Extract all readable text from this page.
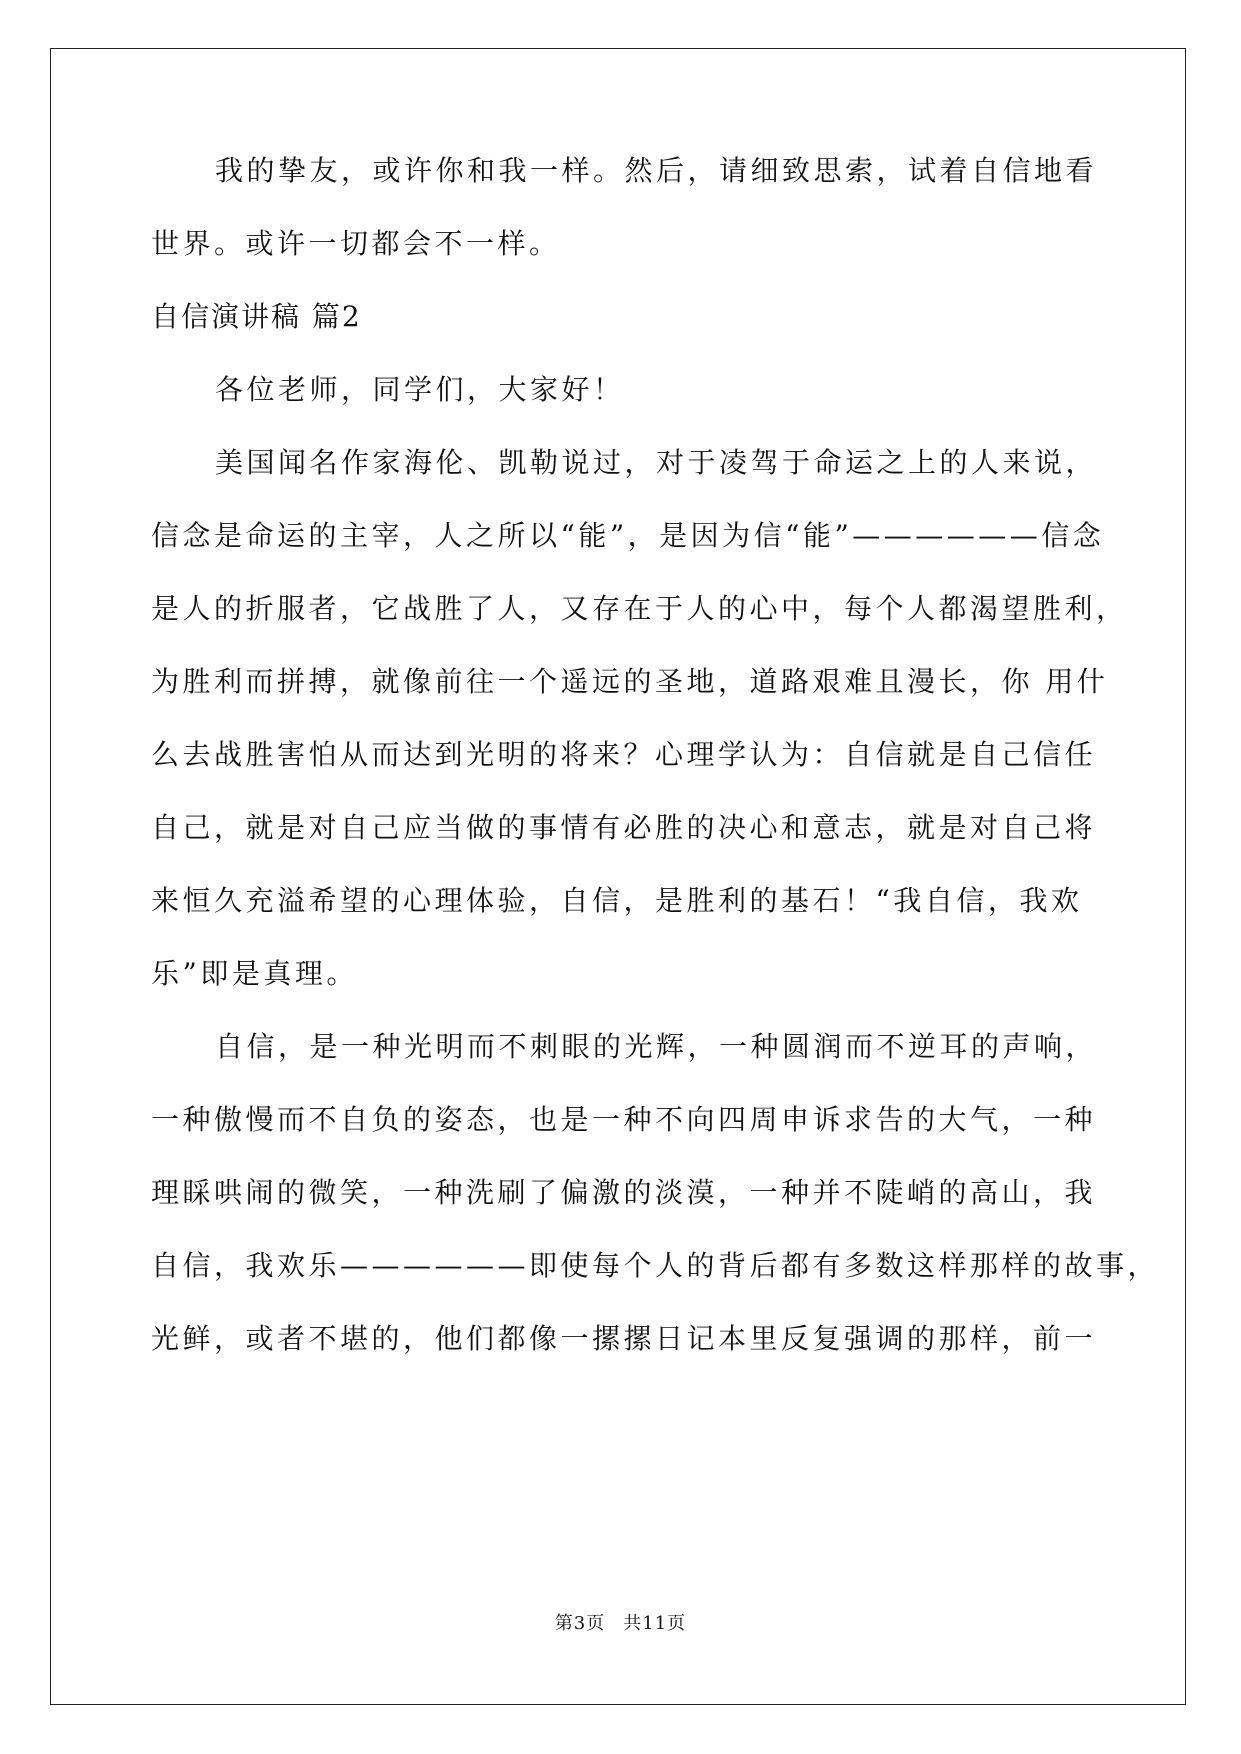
我的挚友，或许你和我一样。然后，请细致思索，试着自信地看
世界。或许一切都会不一样。
自信演讲稿 篇2
各位老师，同学们，大家好！
美国闻名作家海伦、凯勒说过，对于凌驾于命运之上的人来说，
信念是命运的主宰，人之所以“能”，是因为信“能”——————信念
是人的折服者，它战胜了人，又存在于人的心中，每个人都渴望胜利，
为胜利而拼搏，就像前往一个遥远的圣地，道路艰难且漫长，你 用什
么去战胜害怕从而达到光明的将来？心理学认为：自信就是自己信任
自己，就是对自己应当做的事情有必胜的决心和意志，就是对自己将
来恒久充溢希望的心理体验，自信，是胜利的基石！“我自信，我欢
乐”即是真理。
自信，是一种光明而不刺眼的光辉，一种圆润而不逆耳的声响，
一种傲慢而不自负的姿态，也是一种不向四周申诉求告的大气，一种
理睬哄闹的微笑，一种洗刷了偏激的淡漠，一种并不陡峭的高山，我
自信，我欢乐——————即使每个人的背后都有多数这样那样的故事，
光鲜，或者不堪的，他们都像一摞摞日记本里反复强调的那样，前一
第3页 共11页
